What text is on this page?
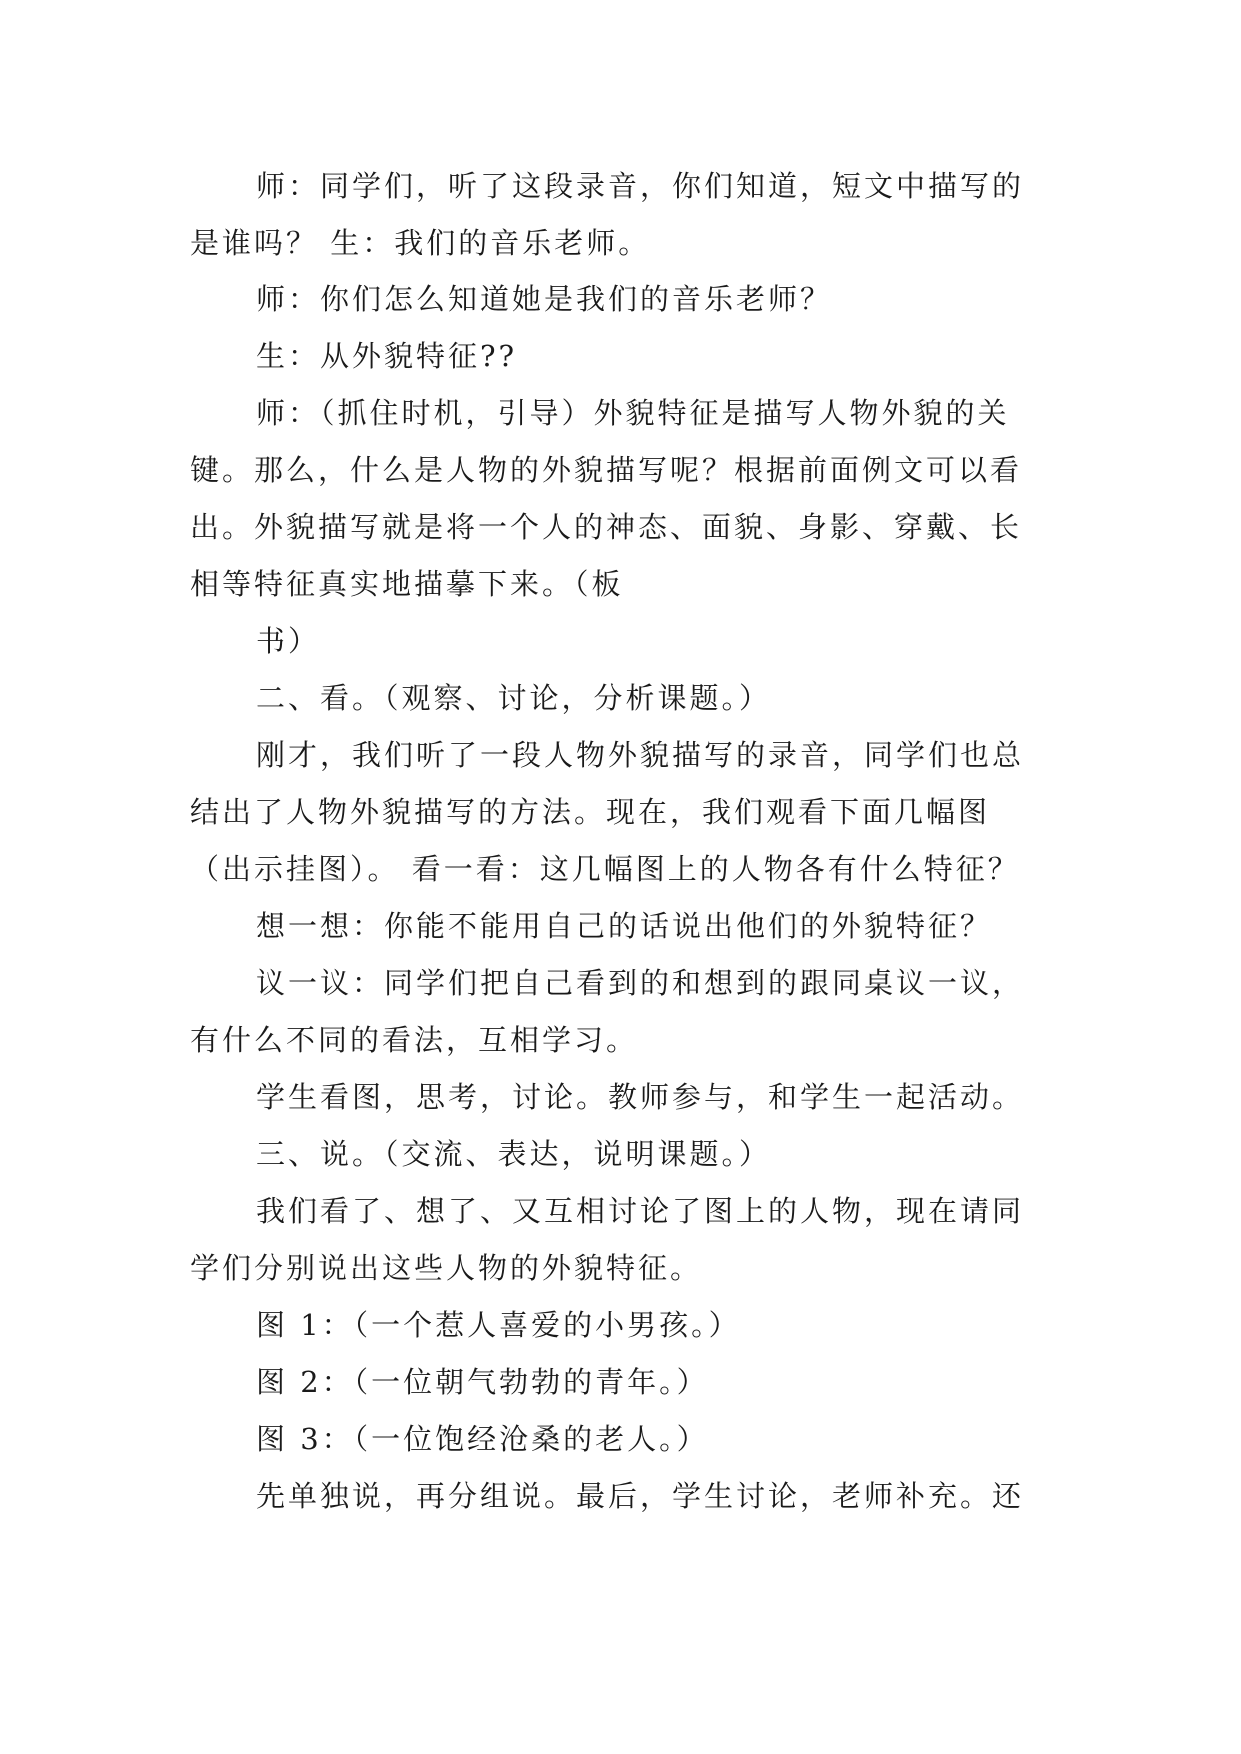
师：同学们，听了这段录音，你们知道，短文中描写的
是谁吗？ 生：我们的音乐老师。
师：你们怎么知道她是我们的音乐老师？
生：从外貌特征??
师：（抓住时机，引导）外貌特征是描写人物外貌的关
键。那么，什么是人物的外貌描写呢？根据前面例文可以看
出。外貌描写就是将一个人的神态、面貌、身影、穿戴、长
相等特征真实地描摹下来。（板
书）
二、看。（观察、讨论，分析课题。）
刚才，我们听了一段人物外貌描写的录音，同学们也总
结出了人物外貌描写的方法。现在，我们观看下面几幅图
（出示挂图）。 看一看：这几幅图上的人物各有什么特征？
想一想：你能不能用自己的话说出他们的外貌特征？
议一议：同学们把自己看到的和想到的跟同桌议一议，
有什么不同的看法，互相学习。
学生看图，思考，讨论。教师参与，和学生一起活动。
三、说。（交流、表达，说明课题。）
我们看了、想了、又互相讨论了图上的人物，现在请同
学们分别说出这些人物的外貌特征。
图 1：（一个惹人喜爱的小男孩。）
图 2：（一位朝气勃勃的青年。）
图 3：（一位饱经沧桑的老人。）
先单独说，再分组说。最后，学生讨论，老师补充。还
